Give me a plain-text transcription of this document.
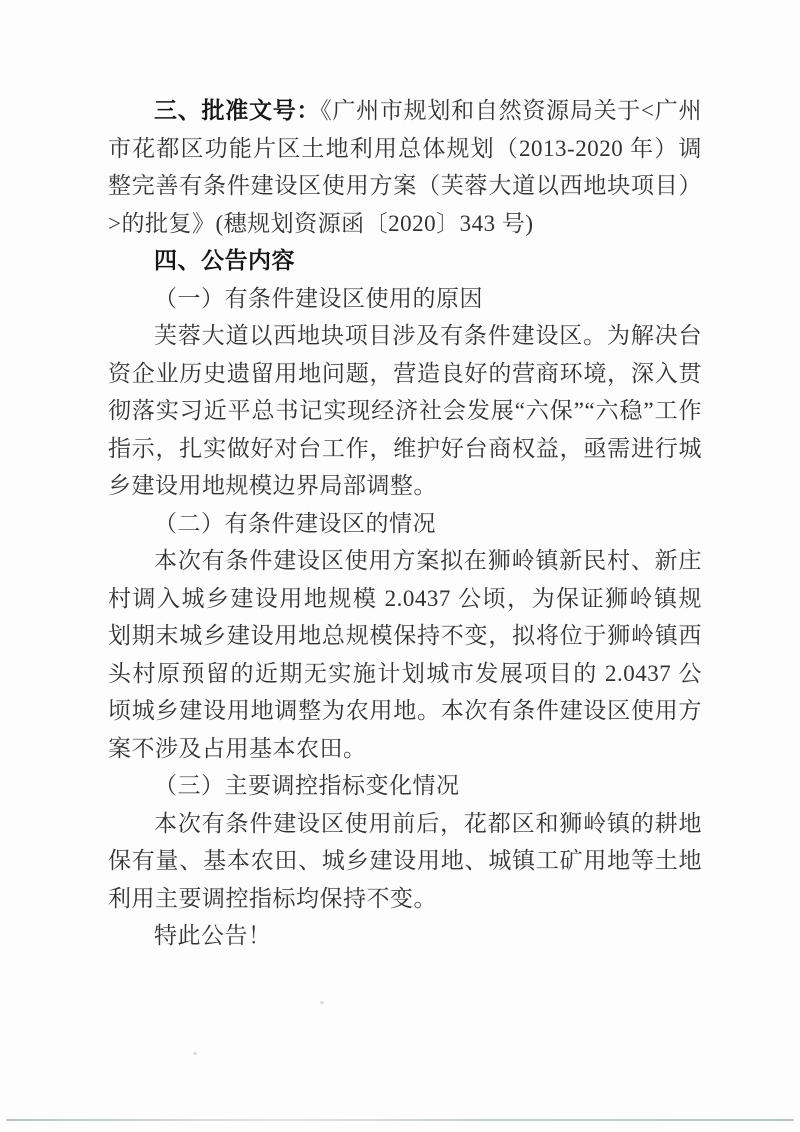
三、批准文号：《广州市规划和自然资源局关于<广州市花都区功能片区土地利用总体规划（2013-2020 年）调整完善有条件建设区使用方案（芙蓉大道以西地块项目）>的批复》(穗规划资源函〔2020〕343 号)

四、公告内容

（一）有条件建设区使用的原因

芙蓉大道以西地块项目涉及有条件建设区。为解决台资企业历史遗留用地问题，营造良好的营商环境，深入贯彻落实习近平总书记实现经济社会发展“六保”“六稳”工作指示，扎实做好对台工作，维护好台商权益，亟需进行城乡建设用地规模边界局部调整。

（二）有条件建设区的情况

本次有条件建设区使用方案拟在狮岭镇新民村、新庄村调入城乡建设用地规模 2.0437 公顷，为保证狮岭镇规划期末城乡建设用地总规模保持不变，拟将位于狮岭镇西头村原预留的近期无实施计划城市发展项目的 2.0437 公顷城乡建设用地调整为农用地。本次有条件建设区使用方案不涉及占用基本农田。

（三）主要调控指标变化情况

本次有条件建设区使用前后，花都区和狮岭镇的耕地保有量、基本农田、城乡建设用地、城镇工矿用地等土地利用主要调控指标均保持不变。

特此公告！
